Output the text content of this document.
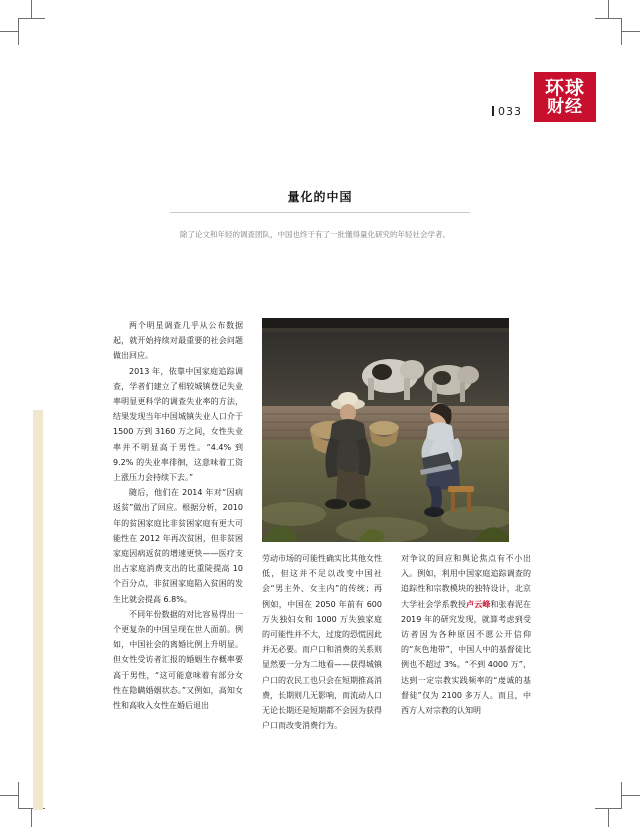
环球
财经
033
量化的中国
除了论文和年轻的调查团队，中国也终于有了一批懂得量化研究的年轻社会学者。

两个明星调查几乎从公布数据起，就开始持续对最重要的社会问题做出回应。

2013 年，依靠中国家庭追踪调查，学者们建立了相较城镇登记失业率明显更科学的调查失业率的方法，结果发现当年中国城镇失业人口介于 1500 万到 3160 万之间，女性失业率并不明显高于男性。“4.4% 到 9.2% 的失业率徘徊，这意味着工资上涨压力会持续下去。”

随后，他们在 2014 年对“因病返贫”做出了回应。根据分析，2010 年的贫困家庭比非贫困家庭有更大可能性在 2012 年再次贫困，但非贫困家庭因病返贫的增速更快——医疗支出占家庭消费支出的比重陡提高 10 个百分点，非贫困家庭陷入贫困的发生比就会提高 6.8%。

不同年份数据的对比容易得出一个更复杂的中国呈现在世人面前。例如，中国社会的离婚比例上升明显。但女性受访者汇报的婚姻生存概率要高于男性，“这可能意味着有部分女性在隐瞒婚姻状态。”又例如，高知女性和高收入女性在婚后退出

劳动市场的可能性确实比其他女性低，但这并不足以改变中国社会“男主外、女主内”的传统；再例如，中国在 2050 年前有 600 万失独妇女和 1000 万失独家庭的可能性并不大，过度的恐慌因此并无必要。而户口和消费的关系则显然要一分为二地看——获得城镇户口的农民工也只会在短期推高消费，长期则几无影响，而流动人口无论长期还是短期都不会因为获得户口而改变消费行为。

对争议的回应和舆论焦点有不小出入。例如，利用中国家庭追踪调查的追踪性和宗教模块的独特设计，北京大学社会学系教授卢云峰和张春泥在 2019 年的研究发现，就算考虑到受访者因为各种原因不愿公开信仰的“灰色地带”，中国人中的基督徒比例也不超过 3%。“不到 4000 万”，达到一定宗教实践频率的“虔诚的基督徒”仅为 2100 多万人。而且，中西方人对宗教的认知明
